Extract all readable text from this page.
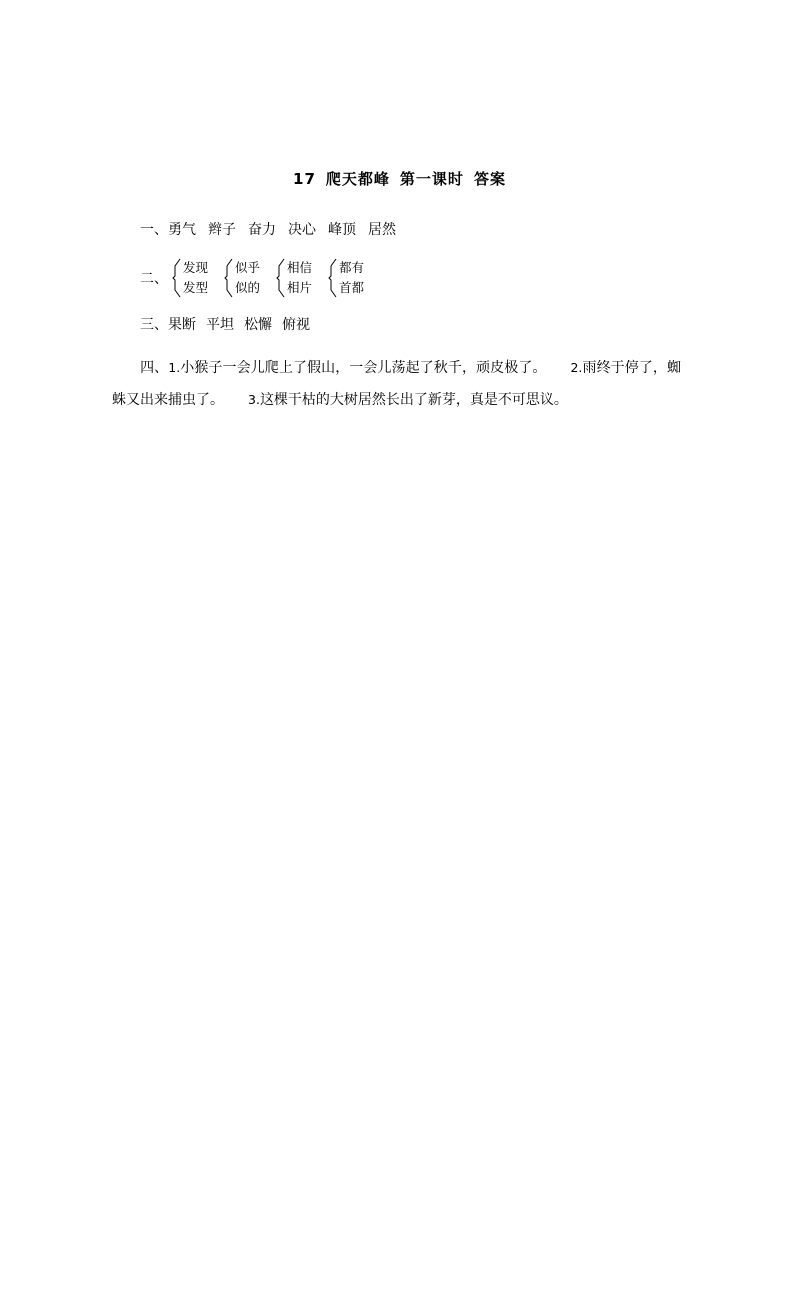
17 爬天都峰 第一课时 答案
一、勇气 辫子 奋力 决心 峰顶 居然
二、
发现
发型
似乎
似的
相信
相片
都有
首都
三、果断 平坦 松懈 俯视
四、1.小猴子一会儿爬上了假山，一会儿荡起了秋千，顽皮极了。 2.雨终于停了，蜘蛛又出来捕虫了。 3.这棵干枯的大树居然长出了新芽，真是不可思议。
